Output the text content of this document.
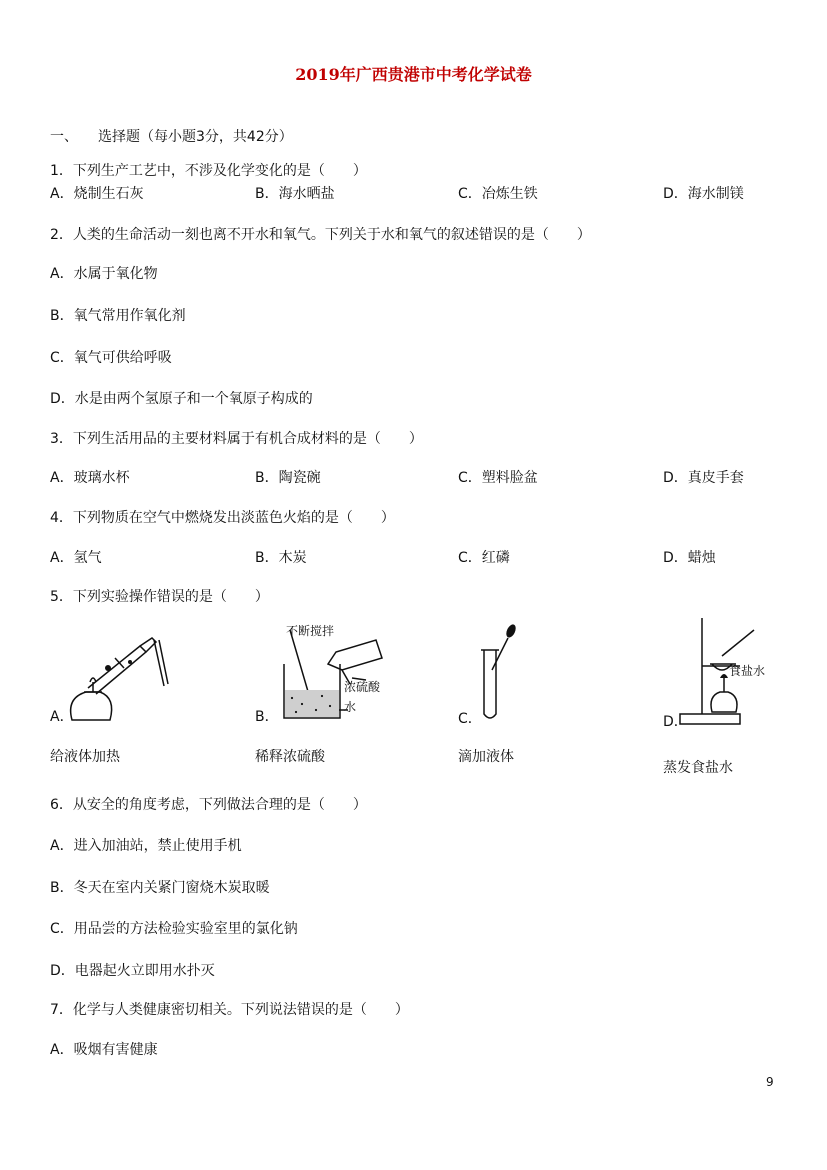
2019年广西贵港市中考化学试卷
一、 选择题（每小题3分，共42分）
1．下列生产工艺中，不涉及化学变化的是（　　）
A．烧制生石灰	B．海水晒盐	C．冶炼生铁	D．海水制镁
2．人类的生命活动一刻也离不开水和氧气。下列关于水和氧气的叙述错误的是（　　）
A．水属于氧化物
B．氧气常用作氧化剂
C．氧气可供给呼吸
D．水是由两个氢原子和一个氧原子构成的
3．下列生活用品的主要材料属于有机合成材料的是（　　）
A．玻璃水杯	B．陶瓷碗	C．塑料脸盆	D．真皮手套
4．下列物质在空气中燃烧发出淡蓝色火焰的是（　　）
A．氢气	B．木炭	C．红磷	D．蜡烛
5．下列实验操作错误的是（　　）
A．
不断搅拌
浓硫酸
水
B．	C．
食盐水
D．
给液体加热	稀释浓硫酸	滴加液体
蒸发食盐水
6．从安全的角度考虑，下列做法合理的是（　　）
A．进入加油站，禁止使用手机
B．冬天在室内关紧门窗烧木炭取暖
C．用品尝的方法检验实验室里的氯化钠
D．电器起火立即用水扑灭
7．化学与人类健康密切相关。下列说法错误的是（　　）
A．吸烟有害健康
9
